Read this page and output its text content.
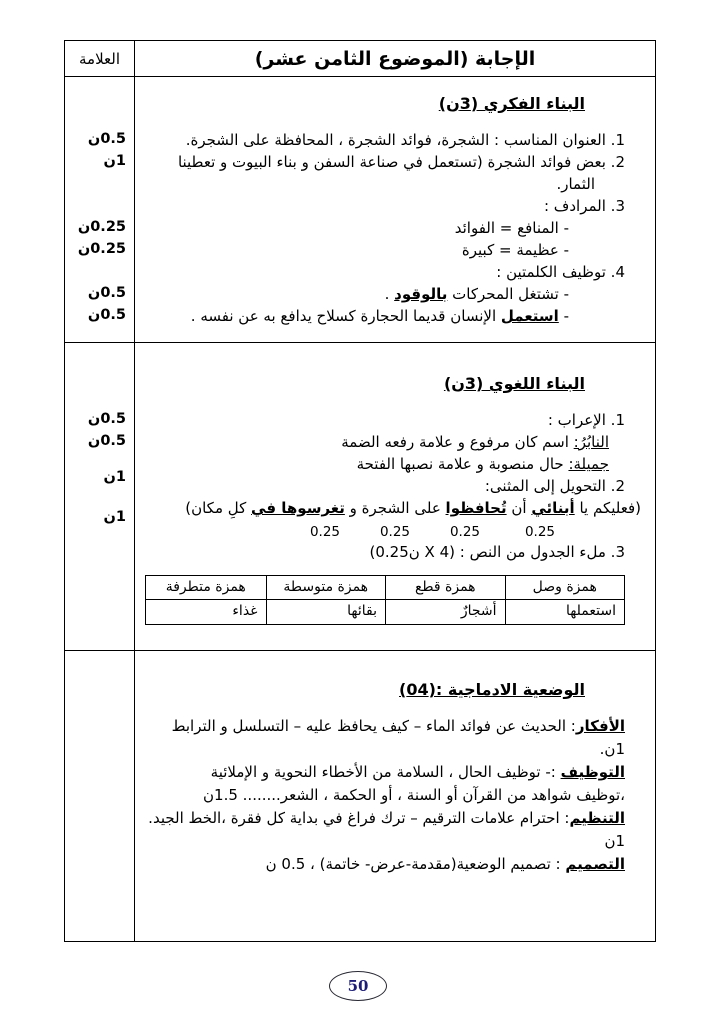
العلامة	الإجابة (الموضوع الثامن عشر)
0.5ن
1ن
0.25ن
0.25ن
0.5ن
0.5ن
البناء الفكري (3ن)
1. العنوان المناسب : الشجرة، فوائد الشجرة ، المحافظة على الشجرة.
2. بعض فوائد الشجرة (تستعمل في صناعة السفن و بناء البيوت و تعطينا
الثمار.
3. المرادف :
- المنافع = الفوائد
- عظيمة = كبيرة
4. توظيف الكلمتين :
- تشتغل المحركات بالوقود .
- استعمل الإنسان قديما الحجارة كسلاح يدافع به عن نفسه .
0.5ن
0.5ن
1ن
1ن
البناء اللغوي (3ن)
1. الإعراب :
النابُرُ: اسم كان مرفوع و علامة رفعه الضمة
جميلة: حال منصوبة و علامة نصبها الفتحة
2. التحويل إلى المثنى:
(فعليكم يا أبنائي أن تُحافظوا على الشجرة و تغرسوها في كلِ مكان)
0.25
0.25
0.25
0.25
3. ملء الجدول من النص : (0.25ن X 4)
همزة وصل
همزة قطع
همزة متوسطة
همزة متطرفة
استعملها
أشجارٌ
بقائها
غذاء
الوضعية الادماجية :(04)
الأفكار: الحديث عن فوائد الماء – كيف يحافظ عليه – التسلسل و الترابط
1ن.
التوظيف :- توظيف الحال ، السلامة من الأخطاء النحوية و الإملائية
،توظيف شواهد من القرآن أو السنة ، أو الحكمة ، الشعر........ 1.5ن
التنظيم: احترام علامات الترقيم – ترك فراغ في بداية كل فقرة ،الخط الجيد.
1ن
التصميم : تصميم الوضعية(مقدمة-عرض- خاتمة) ، 0.5 ن
50
